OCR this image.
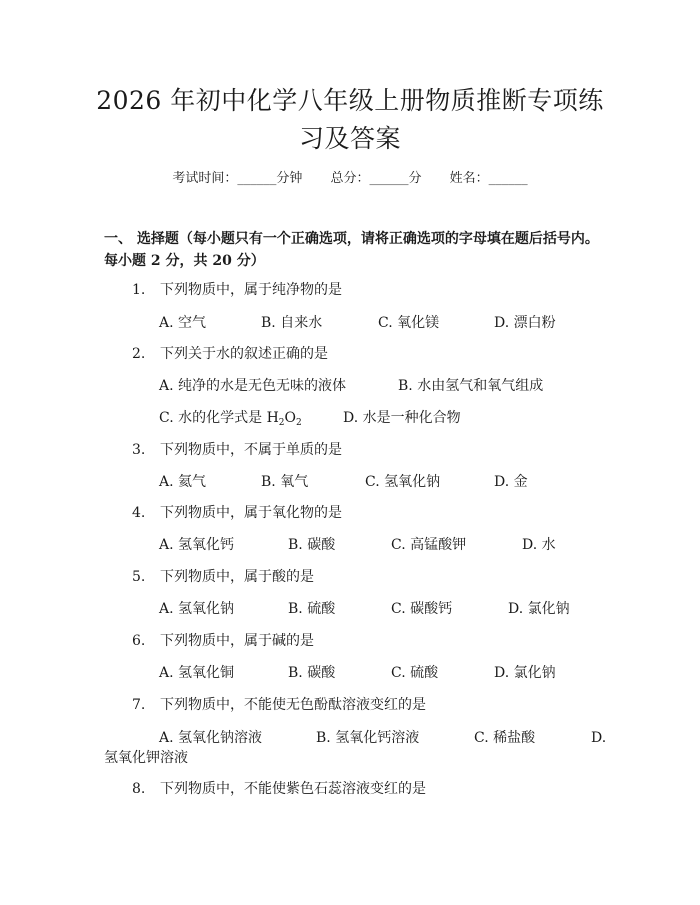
2026 年初中化学八年级上册物质推断专项练
习及答案
考试时间：______分钟 总分：______分 姓名：______
一、 选择题（每小题只有一个正确选项，请将正确选项的字母填在题后括号内。
每小题 2 分，共 20 分）
1. 下列物质中，属于纯净物的是
A. 空气	B. 自来水	C. 氧化镁	D. 漂白粉
2. 下列关于水的叙述正确的是
A. 纯净的水是无色无味的液体	B. 水由氢气和氧气组成
C. 水的化学式是 $H_2O_2$	D. 水是一种化合物
3. 下列物质中，不属于单质的是
A. 氦气	B. 氧气	C. 氢氧化钠	D. 金
4. 下列物质中，属于氧化物的是
A. 氢氧化钙	B. 碳酸	C. 高锰酸钾	D. 水
5. 下列物质中，属于酸的是
A. 氢氧化钠	B. 硫酸	C. 碳酸钙	D. 氯化钠
6. 下列物质中，属于碱的是
A. 氢氧化铜	B. 碳酸	C. 硫酸	D. 氯化钠
7. 下列物质中，不能使无色酚酞溶液变红的是
A. 氢氧化钠溶液	B. 氢氧化钙溶液	C. 稀盐酸	D.
氢氧化钾溶液
8. 下列物质中，不能使紫色石蕊溶液变红的是
